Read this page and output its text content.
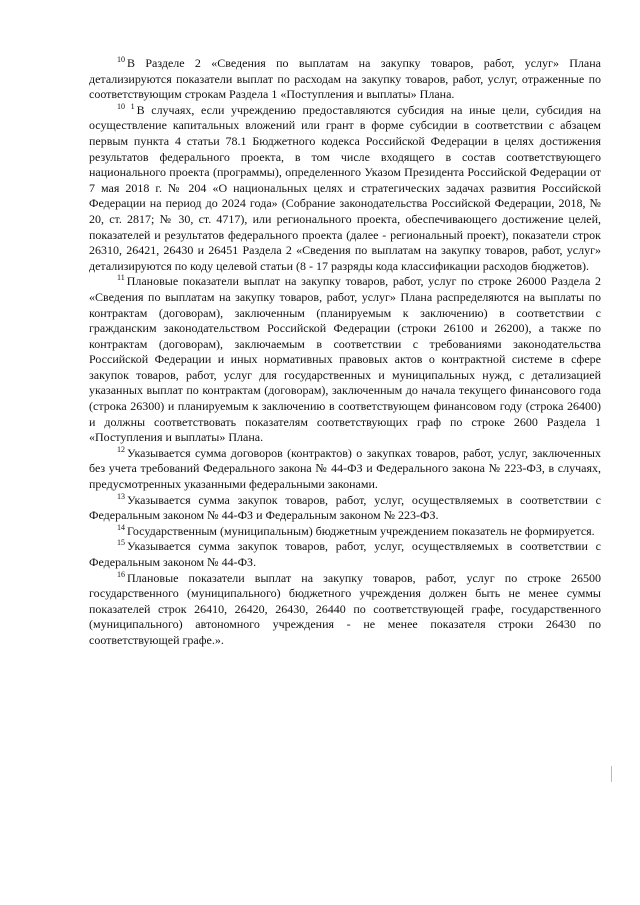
$^{10}$ В Разделе 2 «Сведения по выплатам на закупку товаров, работ, услуг» Плана детализируются показатели выплат по расходам на закупку товаров, работ, услуг, отраженные по соответствующим строкам Раздела 1 «Поступления и выплаты» Плана.

$^{10 1}$ В случаях, если учреждению предоставляются субсидия на иные цели, субсидия на осуществление капитальных вложений или грант в форме субсидии в соответствии с абзацем первым пункта 4 статьи 78.1 Бюджетного кодекса Российской Федерации в целях достижения результатов федерального проекта, в том числе входящего в состав соответствующего национального проекта (программы), определенного Указом Президента Российской Федерации от 7 мая 2018 г. № 204 «О национальных целях и стратегических задачах развития Российской Федерации на период до 2024 года» (Собрание законодательства Российской Федерации, 2018, № 20, ст. 2817; № 30, ст. 4717), или регионального проекта, обеспечивающего достижение целей, показателей и результатов федерального проекта (далее - региональный проект), показатели строк 26310, 26421, 26430 и 26451 Раздела 2 «Сведения по выплатам на закупку товаров, работ, услуг» детализируются по коду целевой статьи (8 - 17 разряды кода классификации расходов бюджетов).

$^{11}$ Плановые показатели выплат на закупку товаров, работ, услуг по строке 26000 Раздела 2 «Сведения по выплатам на закупку товаров, работ, услуг» Плана распределяются на выплаты по контрактам (договорам), заключенным (планируемым к заключению) в соответствии с гражданским законодательством Российской Федерации (строки 26100 и 26200), а также по контрактам (договорам), заключаемым в соответствии с требованиями законодательства Российской Федерации и иных нормативных правовых актов о контрактной системе в сфере закупок товаров, работ, услуг для государственных и муниципальных нужд, с детализацией указанных выплат по контрактам (договорам), заключенным до начала текущего финансового года (строка 26300) и планируемым к заключению в соответствующем финансовом году (строка 26400) и должны соответствовать показателям соответствующих граф по строке 2600 Раздела 1 «Поступления и выплаты» Плана.

$^{12}$ Указывается сумма договоров (контрактов) о закупках товаров, работ, услуг, заключенных без учета требований Федерального закона № 44-ФЗ и Федерального закона № 223-ФЗ, в случаях, предусмотренных указанными федеральными законами.

$^{13}$ Указывается сумма закупок товаров, работ, услуг, осуществляемых в соответствии с Федеральным законом № 44-ФЗ и Федеральным законом № 223-ФЗ.

$^{14}$ Государственным (муниципальным) бюджетным учреждением показатель не формируется.

$^{15}$ Указывается сумма закупок товаров, работ, услуг, осуществляемых в соответствии с Федеральным законом № 44-ФЗ.

$^{16}$ Плановые показатели выплат на закупку товаров, работ, услуг по строке 26500 государственного (муниципального) бюджетного учреждения должен быть не менее суммы показателей строк 26410, 26420, 26430, 26440 по соответствующей графе, государственного (муниципального) автономного учреждения - не менее показателя строки 26430 по соответствующей графе.».
